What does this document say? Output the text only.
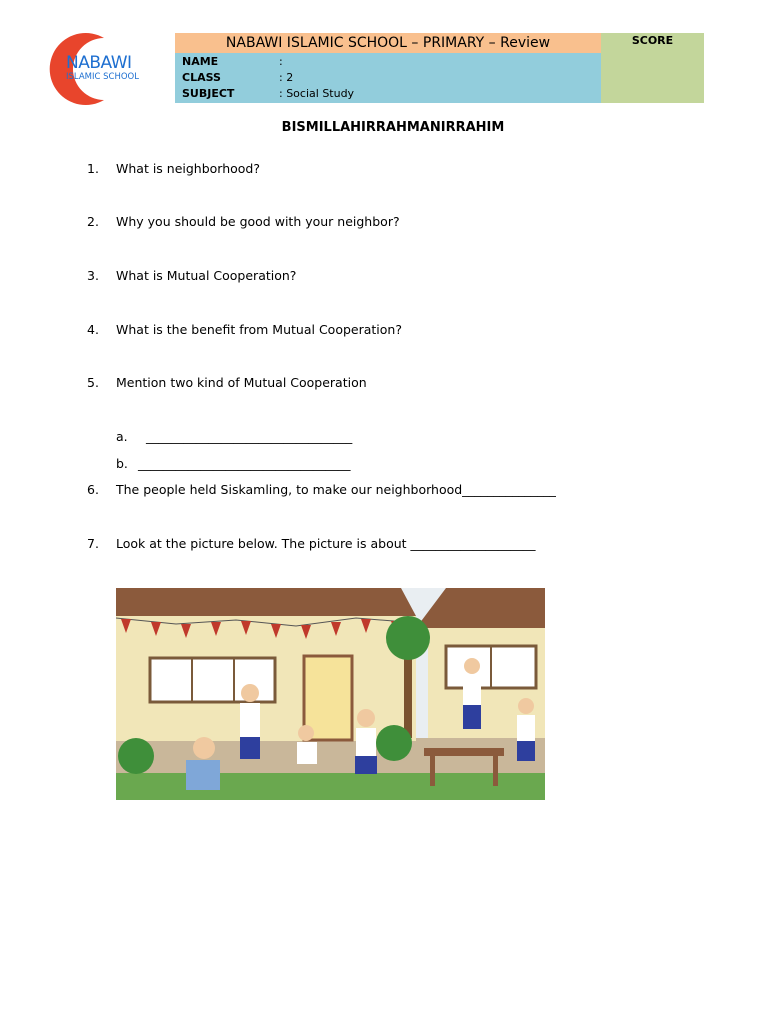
NABAWI
ISLAMIC SCHOOL
NABAWI ISLAMIC SCHOOL – PRIMARY – Review	SCORE
NAME	:
CLASS	: 2
SUBJECT	: Social Study
BISMILLAHIRRAHMANIRRAHIM
1. What is neighborhood?
2. Why you should be good with your neighbor?
3. What is Mutual Cooperation?
4. What is the benefit from Mutual Cooperation?
5. Mention two kind of Mutual Cooperation
a. _________________________________
b. __________________________________
6. The people held Siskamling, to make our neighborhood_______________
7. Look at the picture below. The picture is about ____________________
